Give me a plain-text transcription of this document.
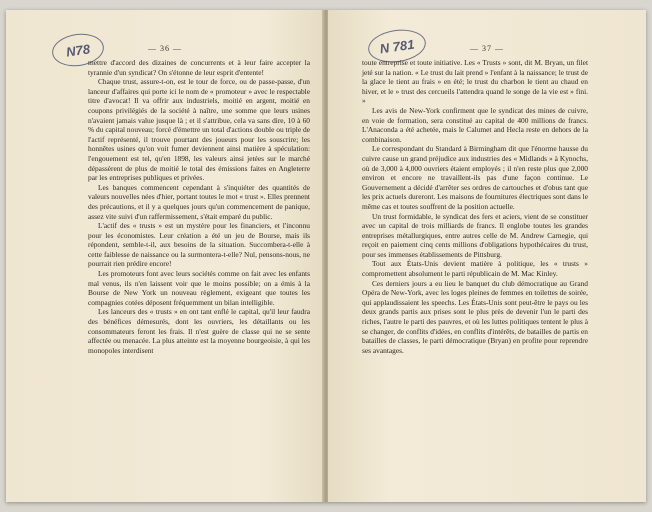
N78	— 36 —

mettre d'accord des dizaines de concurrents et à leur faire accepter la tyrannie d'un syndicat? On s'étonne de leur esprit d'entente!

Chaque trust, assure-t-on, est le tour de force, ou de passe-passe, d'un lanceur d'affaires qui porte ici le nom de « promoteur » avec le respectable titre d'avocat! Il va offrir aux industriels, moitié en argent, moitié en coupons privilégiés de la société à naître, une somme que leurs usines n'avaient jamais value jusque là ; et il s'attribue, cela va sans dire, 10 à 60 % du capital nouveau; forcé d'émettre un total d'actions double ou triple de l'actif représenté, il trouve pourtant des joueurs pour les souscrire; les honnêtes usines qu'on voit fumer deviennent ainsi matière à spéculation: l'engouement est tel, qu'en 1898, les valeurs ainsi jetées sur le marché dépassèrent de plus de moitié le total des émissions faites en Angleterre par les entreprises publiques et privées.

Les banques commencent cependant à s'inquiéter des quantités de valeurs nouvelles nées d'hier, portant toutes le mot « trust ». Elles prennent des précautions, et il y a quelques jours qu'un commencement de panique, assez vite suivi d'un raffermissement, s'était emparé du public.

L'actif des « trusts » est un mystère pour les financiers, et l'inconnu pour les économistes. Leur création a été un jeu de Bourse, mais ils répondent, semble-t-il, aux besoins de la situation. Succombera-t-elle à cette faiblesse de naissance ou la surmontera-t-elle? Nul, pensons-nous, ne pourrait rien prédire encore!

Les promoteurs font avec leurs sociétés comme on fait avec les enfants mal venus, ils n'en laissent voir que le moins possible; on a émis à la Bourse de New York un nouveau règlement, exigeant que toutes les compagnies cotées déposent fréquemment un bilan intelligible.

Les lanceurs des « trusts » en ont tant enflé le capital, qu'il leur faudra des bénéfices démesurés, dont les ouvriers, les détaillants ou les consommateurs feront les frais. Il n'est guère de classe qui ne se sente affectée ou menacée. La plus atteinte est la moyenne bourgeoisie, à qui les monopoles interdisent

N 781	— 37 —

toute entreprise et toute initiative. Les « Trusts » sont, dit M. Bryan, un filet jeté sur la nation. « Le trust du lait prend » l'enfant à la naissance; le trust de la glace le tient au frais » en été; le trust du charbon le tient au chaud en hiver, et le » trust des cercueils l'attendra quand le songe de la vie est » fini. »

Les avis de New-York confirment que le syndicat des mines de cuivre, en voie de formation, sera constitué au capital de 400 millions de francs. L'Anaconda a été achetée, mais le Calumet and Hecla reste en dehors de la combinaison.

Le correspondant du Standard à Birmingham dit que l'énorme hausse du cuivre cause un grand préjudice aux industries des « Midlands » à Kynochs, où de 3,000 à 4,000 ouvriers étaient employés ; il n'en reste plus que 2,000 environ et encore ne travaillent-ils pas d'une façon continue. Le Gouvernement a décidé d'arrêter ses ordres de cartouches et d'obus tant que les prix actuels dureront. Les maisons de fournitures électriques sont dans le même cas et toutes souffrent de la position actuelle.

Un trust formidable, le syndicat des fers et aciers, vient de se constituer avec un capital de trois milliards de francs. Il englobe toutes les grandes entreprises métallurgiques, entre autres celle de M. Andrew Carnegie, qui reçoit en paiement cinq cents millions d'obligations hypothécaires du trust, pour ses immenses établissements de Pittsburg.

Tout aux États-Unis devient matière à politique, les « trusts » compromettent absolument le parti républicain de M. Mac Kinley.

Ces derniers jours a eu lieu le banquet du club démocratique au Grand Opéra de New-York, avec les loges pleines de femmes en toilettes de soirée, qui applaudissaient les speechs. Les États-Unis sont peut-être le pays ou les deux grands partis aux prises sont le plus près de devenir l'un le parti des riches, l'autre le parti des pauvres, et où les luttes politiques tentent le plus à se changer, de conflits d'idées, en conflits d'intérêts, de batailles de partis en batailles de classes, le parti démocratique (Bryan) en profite pour reprendre ses avantages.
